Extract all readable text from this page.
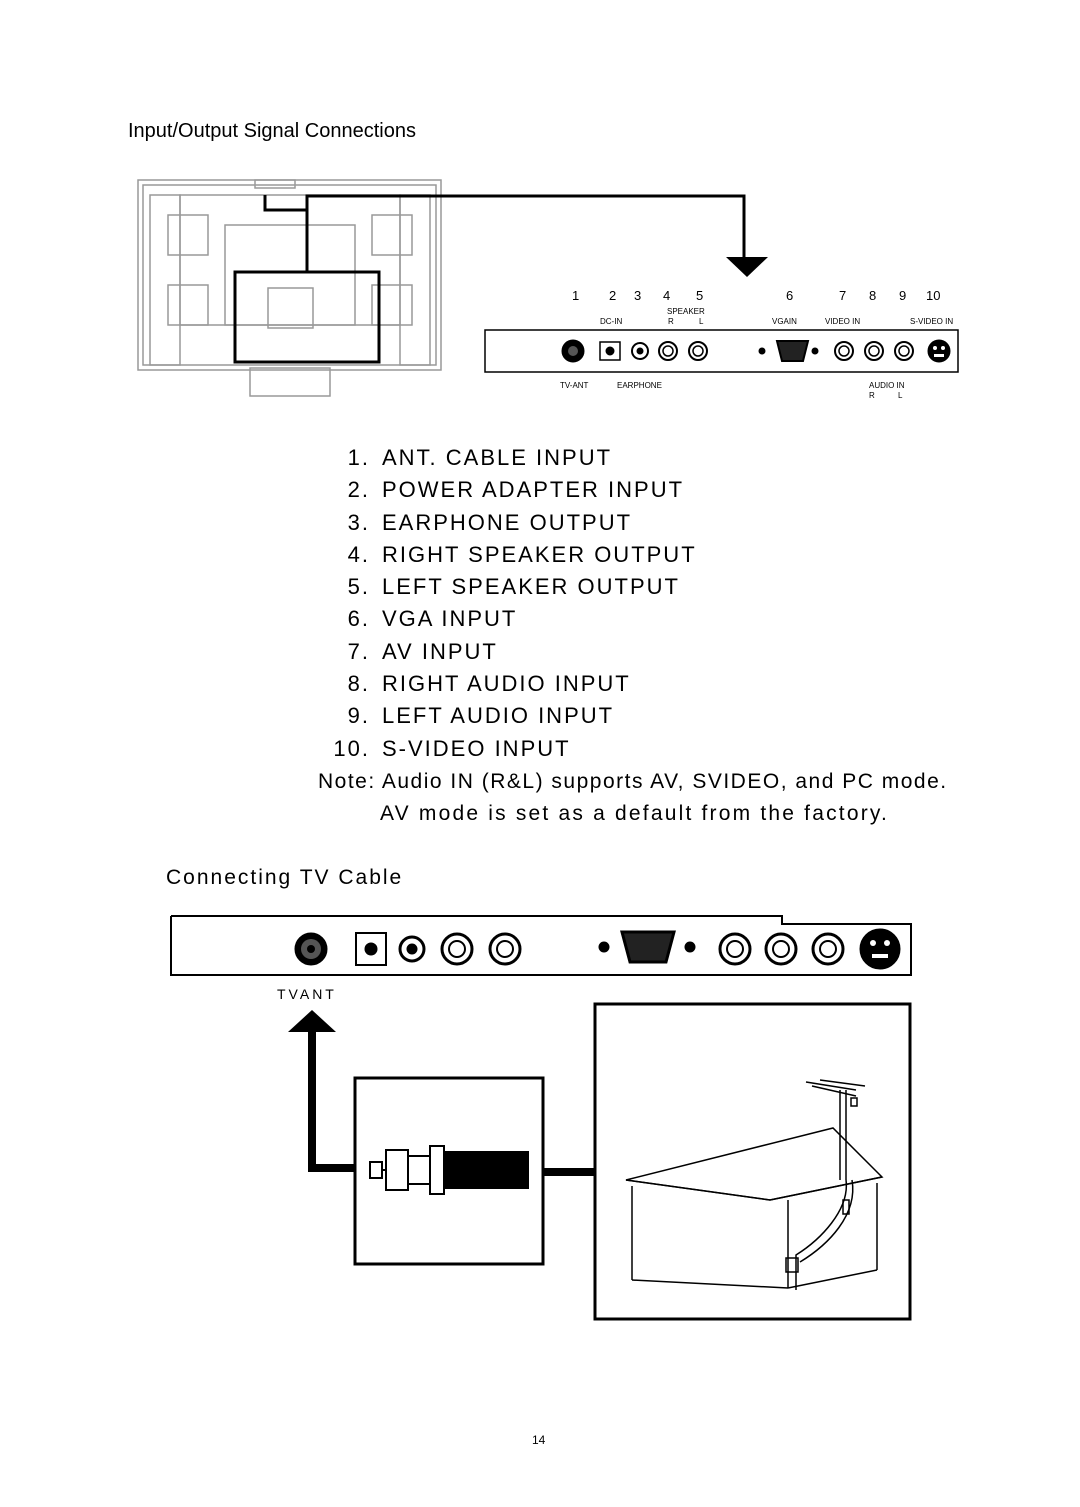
Input/Output Signal Connections
1 2 3 4 5	6	7 8 9 10
SPEAKER
DC-IN	R	L	VGAIN	VIDEO IN	S-VIDEO IN
TV-ANT	EARPHONE	AUDIO IN
R	L
1. ANT. CABLE INPUT
2. POWER ADAPTER INPUT
3. EARPHONE OUTPUT
4. RIGHT SPEAKER OUTPUT
5. LEFT SPEAKER OUTPUT
6. VGA INPUT
7. AV INPUT
8. RIGHT AUDIO INPUT
9. LEFT AUDIO INPUT
10. S-VIDEO INPUT
Note: Audio IN (R&L) supports AV, SVIDEO, and PC mode.
AV mode is set as a default from the factory.
Connecting TV Cable
TVANT
14
